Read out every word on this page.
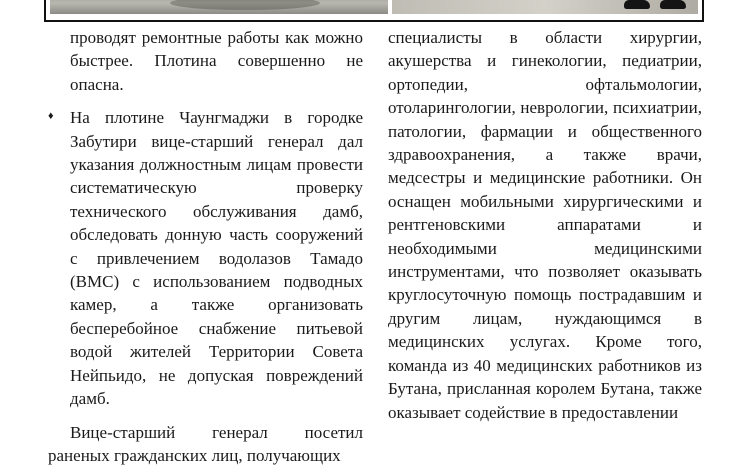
проводят ремонтные работы как можно быстрее. Плотина совершенно не опасна.

♦ На плотине Чаунгмаджи в городке Забутири вице-старший генерал дал указания должностным лицам провести систематическую проверку технического обслуживания дамб, обследовать донную часть сооружений с привлечением водолазов Тамадо (ВМС) с использованием подводных камер, а также организовать бесперебойное снабжение питьевой водой жителей Территории Совета Нейпьидо, не допуская повреждений дамб.

Вице-старший генерал посетил раненых гражданских лиц, получающих

специалисты в области хирургии, акушерства и гинекологии, педиатрии, ортопедии, офтальмологии, отоларингологии, неврологии, психиатрии, патологии, фармации и общественного здравоохранения, а также врачи, медсестры и медицинские работники. Он оснащен мобильными хирургическими и рентгеновскими аппаратами и необходимыми медицинскими инструментами, что позволяет оказывать круглосуточную помощь пострадавшим и другим лицам, нуждающимся в медицинских услугах. Кроме того, команда из 40 медицинских работников из Бутана, присланная королем Бутана, также оказывает содействие в предоставлении
